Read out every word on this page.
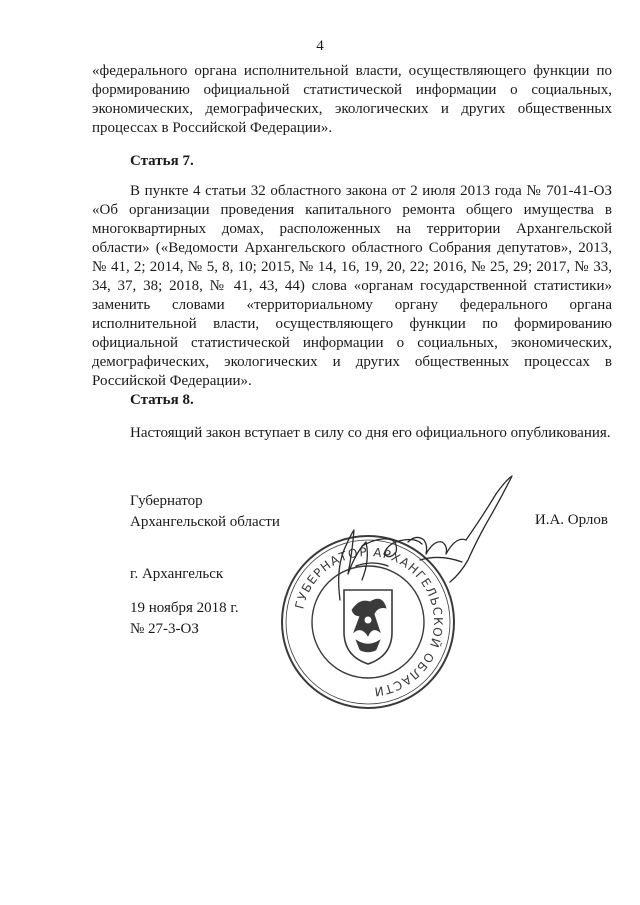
4
«федерального органа исполнительной власти, осуществляющего функции по формированию официальной статистической информации о социальных, экономических, демографических, экологических и других общественных процессах в Российской Федерации».
Статья 7.
В пункте 4 статьи 32 областного закона от 2 июля 2013 года № 701-41-ОЗ «Об организации проведения капитального ремонта общего имущества в многоквартирных домах, расположенных на территории Архангельской области» («Ведомости Архангельского областного Собрания депутатов», 2013, № 41, 2; 2014, № 5, 8, 10; 2015, № 14, 16, 19, 20, 22; 2016, № 25, 29; 2017, № 33, 34, 37, 38; 2018, № 41, 43, 44) слова «органам государственной статистики» заменить словами «территориальному органу федерального органа исполнительной власти, осуществляющего функции по формированию официальной статистической информации о социальных, экономических, демографических, экологических и других общественных процессах в Российской Федерации».
Статья 8.
Настоящий закон вступает в силу со дня его официального опубликования.
Губернатор
Архангельской области	И.А. Орлов
г. Архангельск
19 ноября 2018 г.
№ 27-3-ОЗ
ГУБЕРНАТОР АРХАНГЕЛЬСКОЙ ОБЛАСТИ
